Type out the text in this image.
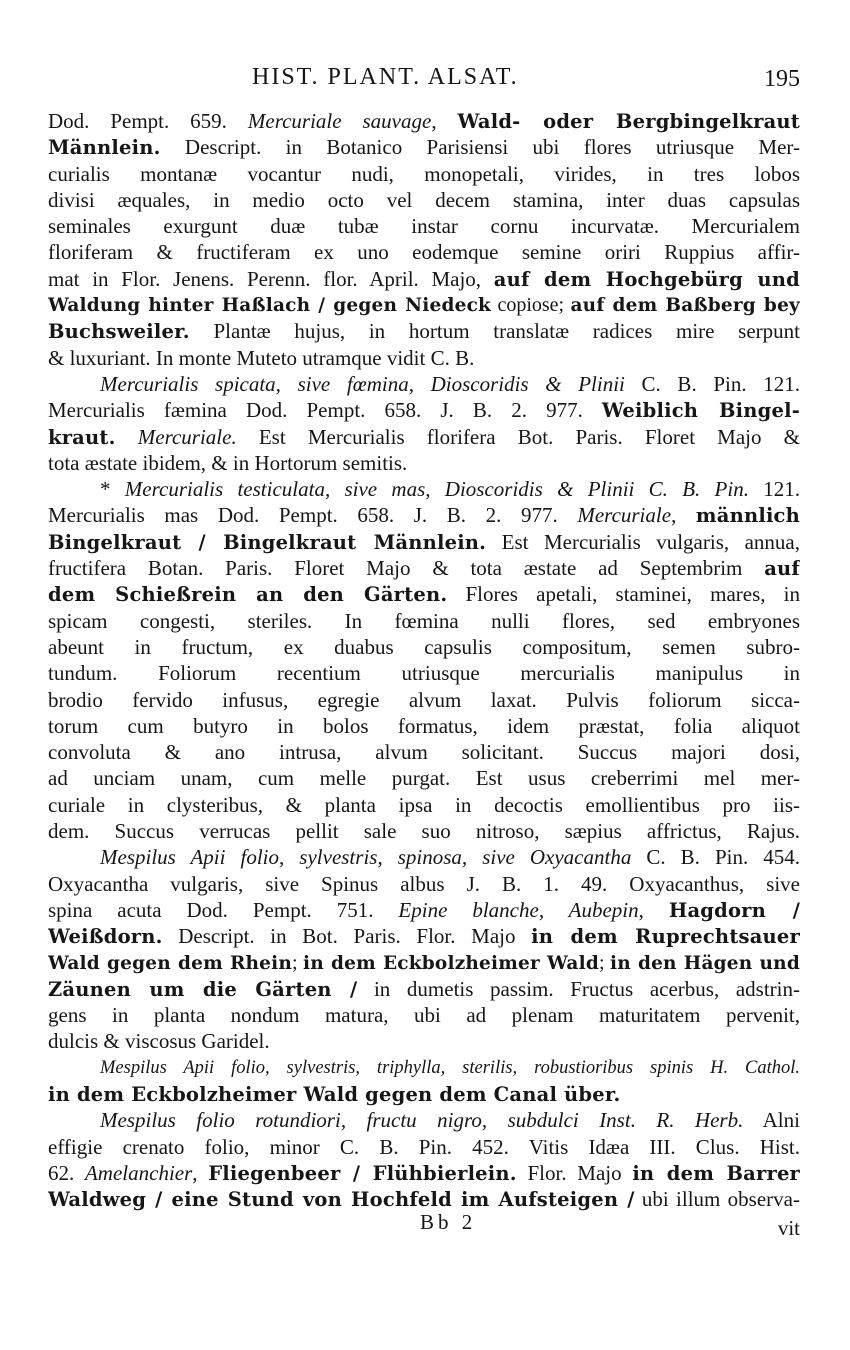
HIST. PLANT. ALSAT.	195
Dod. Pempt. 659. Mercuriale sauvage, Wald- oder Bergbingelkraut
Männlein. Descript. in Botanico Parisiensi ubi flores utriusque Mer-
curialis montanæ vocantur nudi, monopetali, virides, in tres lobos
divisi æquales, in medio octo vel decem stamina, inter duas capsulas
seminales exurgunt duæ tubæ instar cornu incurvatæ. Mercurialem
floriferam & fructiferam ex uno eodemque semine oriri Ruppius affir-
mat in Flor. Jenens. Perenn. flor. April. Majo, auf dem Hochgebürg und
Waldung hinter Haßlach / gegen Niedeck copiose; auf dem Baßberg bey
Buchsweiler. Plantæ hujus, in hortum translatæ radices mire serpunt
& luxuriant. In monte Muteto utramque vidit C. B.
Mercurialis spicata, sive fœmina, Dioscoridis & Plinii C. B. Pin. 121.
Mercurialis fæmina Dod. Pempt. 658. J. B. 2. 977. Weiblich Bingel-
kraut. Mercuriale. Est Mercurialis florifera Bot. Paris. Floret Majo &
tota æstate ibidem, & in Hortorum semitis.
* Mercurialis testiculata, sive mas, Dioscoridis & Plinii C. B. Pin. 121.
Mercurialis mas Dod. Pempt. 658. J. B. 2. 977. Mercuriale, männlich
Bingelkraut / Bingelkraut Männlein. Est Mercurialis vulgaris, annua,
fructifera Botan. Paris. Floret Majo & tota æstate ad Septembrim auf
dem Schießrein an den Gärten. Flores apetali, staminei, mares, in
spicam congesti, steriles. In fœmina nulli flores, sed embryones
abeunt in fructum, ex duabus capsulis compositum, semen subro-
tundum. Foliorum recentium utriusque mercurialis manipulus in
brodio fervido infusus, egregie alvum laxat. Pulvis foliorum sicca-
torum cum butyro in bolos formatus, idem præstat, folia aliquot
convoluta & ano intrusa, alvum solicitant. Succus majori dosi,
ad unciam unam, cum melle purgat. Est usus creberrimi mel mer-
curiale in clysteribus, & planta ipsa in decoctis emollientibus pro iis-
dem. Succus verrucas pellit sale suo nitroso, sæpius affrictus, Rajus.
Mespilus Apii folio, sylvestris, spinosa, sive Oxyacantha C. B. Pin. 454.
Oxyacantha vulgaris, sive Spinus albus J. B. 1. 49. Oxyacanthus, sive
spina acuta Dod. Pempt. 751. Epine blanche, Aubepin, Hagdorn /
Weißdorn. Descript. in Bot. Paris. Flor. Majo in dem Ruprechtsauer
Wald gegen dem Rhein; in dem Eckbolzheimer Wald; in den Hägen und
Zäunen um die Gärten / in dumetis passim. Fructus acerbus, adstrin-
gens in planta nondum matura, ubi ad plenam maturitatem pervenit,
dulcis & viscosus Garidel.
Mespilus Apii folio, sylvestris, triphylla, sterilis, robustioribus spinis H. Cathol.
in dem Eckbolzheimer Wald gegen dem Canal über.
Mespilus folio rotundiori, fructu nigro, subdulci Inst. R. Herb. Alni
effigie crenato folio, minor C. B. Pin. 452. Vitis Idæa III. Clus. Hist.
62. Amelanchier, Fliegenbeer / Flühbierlein. Flor. Majo in dem Barrer
Waldweg / eine Stund von Hochfeld im Aufsteigen / ubi illum observa-
Bb 2	vit
